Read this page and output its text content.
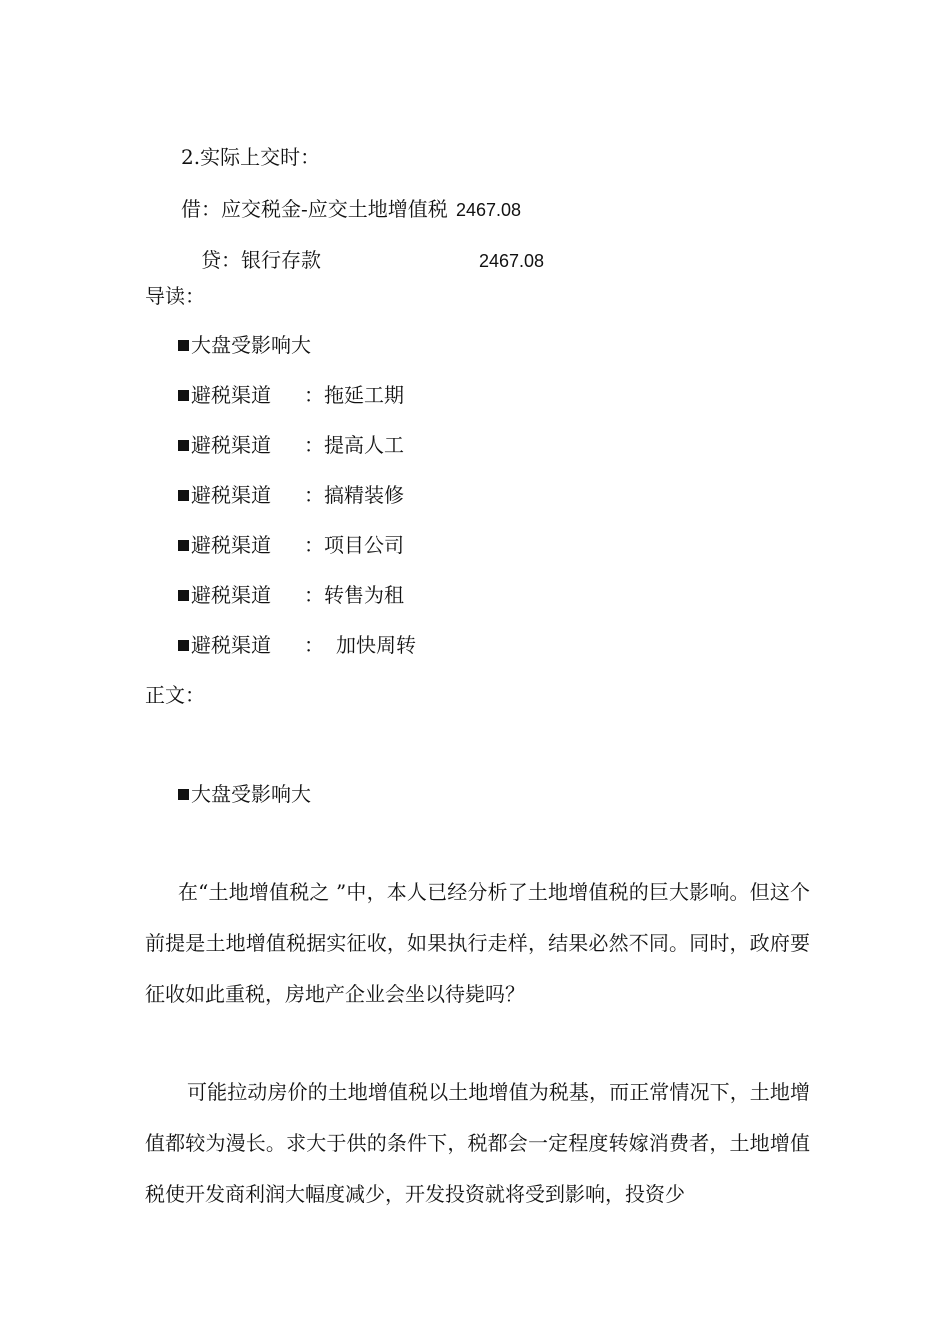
2.实际上交时：
借：应交税金-应交土地增值税 2467.08
贷：银行存款	2467.08
导读：
大盘受影响大
避税渠道 ：拖延工期
避税渠道 ：提高人工
避税渠道 ：搞精装修
避税渠道 ：项目公司
避税渠道 ：转售为租
避税渠道 ： 加快周转
正文：
大盘受影响大
在“土地增值税之 ”中，本人已经分析了土地增值税的巨大影响。但这个前提是土地增值税据实征收，如果执行走样，结果必然不同。同时，政府要征收如此重税，房地产企业会坐以待毙吗？
可能拉动房价的土地增值税以土地增值为税基，而正常情况下，土地增值都较为漫长。求大于供的条件下，税都会一定程度转嫁消费者，土地增值税使开发商利润大幅度减少，开发投资就将受到影响，投资少
